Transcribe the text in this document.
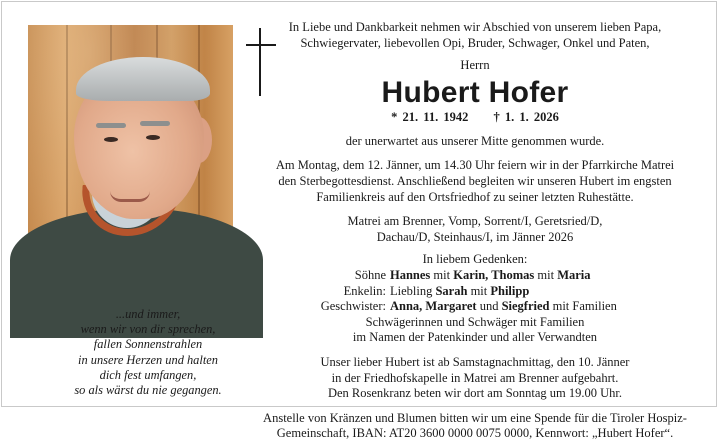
...und immer,
wenn wir von dir sprechen,
fallen Sonnenstrahlen
in unsere Herzen und halten
dich fest umfangen,
so als wärst du nie gegangen.
In Liebe und Dankbarkeit nehmen wir Abschied von unserem lieben Papa,
Schwiegervater, liebevollen Opi, Bruder, Schwager, Onkel und Paten,
Herrn
Hubert Hofer
* 21. 11. 1942 † 1. 1. 2026
der unerwartet aus unserer Mitte genommen wurde.
Am Montag, dem 12. Jänner, um 14.30 Uhr feiern wir in der Pfarrkirche Matrei
den Sterbegottesdienst. Anschließend begleiten wir unseren Hubert im engsten
Familienkreis auf den Ortsfriedhof zu seiner letzten Ruhestätte.
Matrei am Brenner, Vomp, Sorrent/I, Geretsried/D,
Dachau/D, Steinhaus/I, im Jänner 2026
In liebem Gedenken:
Söhne Hannes mit Karin, Thomas mit Maria
Enkelin: Liebling Sarah mit Philipp
Geschwister: Anna, Margaret und Siegfried mit Familien
Schwägerinnen und Schwäger mit Familien
im Namen der Patenkinder und aller Verwandten
Unser lieber Hubert ist ab Samstagnachmittag, den 10. Jänner
in der Friedhofskapelle in Matrei am Brenner aufgebahrt.
Den Rosenkranz beten wir dort am Sonntag um 19.00 Uhr.
Anstelle von Kränzen und Blumen bitten wir um eine Spende für die Tiroler Hospiz-
Gemeinschaft, IBAN: AT20 3600 0000 0075 0000, Kennwort: „Hubert Hofer“.
